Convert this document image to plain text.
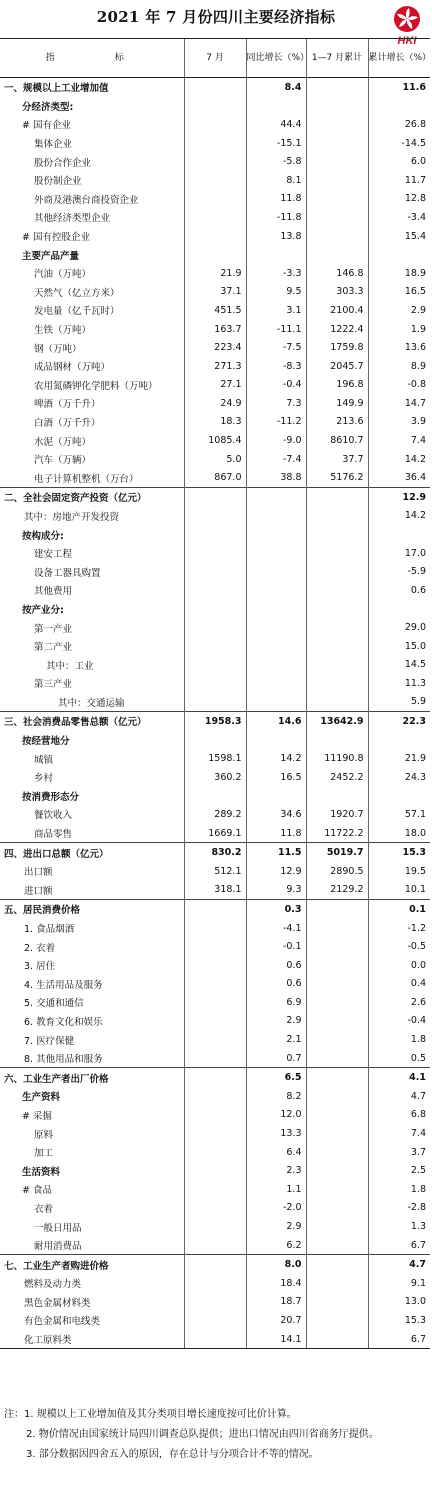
2021 年 7 月份四川主要经济指标
HKI
指　　标	7 月	同比增长（%）	1—7 月累计	累计增长（%）
一、规模以上工业增加值		8.4		11.6
分经济类型:				
# 国有企业		44.4		26.8
集体企业		-15.1		-14.5
股份合作企业		-5.8		6.0
股份制企业		8.1		11.7
外商及港澳台商投资企业		11.8		12.8
其他经济类型企业		-11.8		-3.4
# 国有控股企业		13.8		15.4
主要产品产量				
汽油（万吨）	21.9	-3.3	146.8	18.9
天然气（亿立方米）	37.1	9.5	303.3	16.5
发电量（亿千瓦时）	451.5	3.1	2100.4	2.9
生铁（万吨）	163.7	-11.1	1222.4	1.9
钢（万吨）	223.4	-7.5	1759.8	13.6
成品钢材（万吨）	271.3	-8.3	2045.7	8.9
农用氮磷钾化学肥料（万吨）	27.1	-0.4	196.8	-0.8
啤酒（万千升）	24.9	7.3	149.9	14.7
白酒（万千升）	18.3	-11.2	213.6	3.9
水泥（万吨）	1085.4	-9.0	8610.7	7.4
汽车（万辆）	5.0	-7.4	37.7	14.2
电子计算机整机（万台）	867.0	38.8	5176.2	36.4
二、全社会固定资产投资（亿元）				12.9
其中：房地产开发投资				14.2
按构成分:				
建安工程				17.0
设备工器具购置				-5.9
其他费用				0.6
按产业分:				
第一产业				29.0
第二产业				15.0
其中：工业				14.5
第三产业				11.3
其中：交通运输				5.9
三、社会消费品零售总额（亿元）	1958.3	14.6	13642.9	22.3
按经营地分				
城镇	1598.1	14.2	11190.8	21.9
乡村	360.2	16.5	2452.2	24.3
按消费形态分				
餐饮收入	289.2	34.6	1920.7	57.1
商品零售	1669.1	11.8	11722.2	18.0
四、进出口总额（亿元）	830.2	11.5	5019.7	15.3
出口额	512.1	12.9	2890.5	19.5
进口额	318.1	9.3	2129.2	10.1
五、居民消费价格		0.3		0.1
1. 食品烟酒		-4.1		-1.2
2. 衣着		-0.1		-0.5
3. 居住		0.6		0.0
4. 生活用品及服务		0.6		0.4
5. 交通和通信		6.9		2.6
6. 教育文化和娱乐		2.9		-0.4
7. 医疗保健		2.1		1.8
8. 其他用品和服务		0.7		0.5
六、工业生产者出厂价格		6.5		4.1
生产资料		8.2		4.7
# 采掘		12.0		6.8
原料		13.3		7.4
加工		6.4		3.7
生活资料		2.3		2.5
# 食品		1.1		1.8
衣着		-2.0		-2.8
一般日用品		2.9		1.3
耐用消费品		6.2		6.7
七、工业生产者购进价格		8.0		4.7
燃料及动力类		18.4		9.1
黑色金属材料类		18.7		13.0
有色金属和电线类		20.7		15.3
化工原料类		14.1		6.7

注：1. 规模以上工业增加值及其分类项目增长速度按可比价计算。

2. 物价情况由国家统计局四川调查总队提供；进出口情况由四川省商务厅提供。

3. 部分数据因四舍五入的原因，存在总计与分项合计不等的情况。
